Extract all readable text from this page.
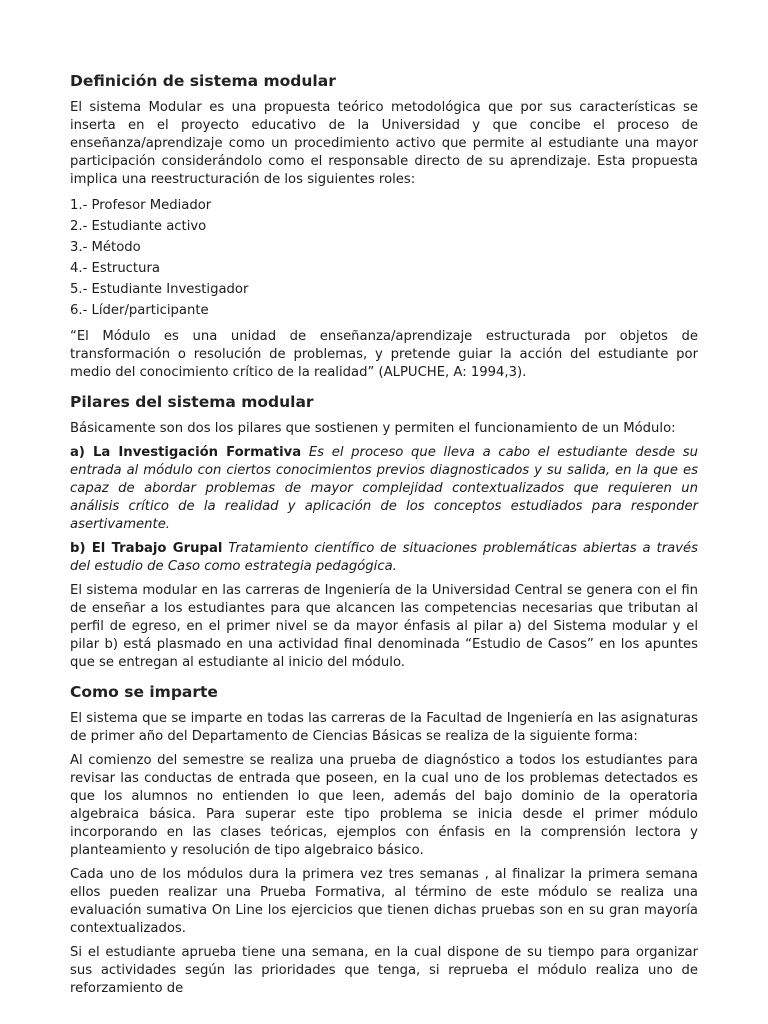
Definición de sistema modular

El sistema Modular es una propuesta teórico metodológica que por sus características se inserta en el proyecto educativo de la Universidad y que concibe el proceso de enseñanza/aprendizaje como un procedimiento activo que permite al estudiante una mayor participación considerándolo como el responsable directo de su aprendizaje. Esta propuesta implica una reestructuración de los siguientes roles:

1.- Profesor Mediador
2.- Estudiante activo
3.- Método
4.- Estructura
5.- Estudiante Investigador
6.- Líder/participante

“El Módulo es una unidad de enseñanza/aprendizaje estructurada por objetos de transformación o resolución de problemas, y pretende guiar la acción del estudiante por medio del conocimiento crítico de la realidad” (ALPUCHE, A: 1994,3).

Pilares del sistema modular

Básicamente son dos los pilares que sostienen y permiten el funcionamiento de un Módulo:

a) La Investigación Formativa Es el proceso que lleva a cabo el estudiante desde su entrada al módulo con ciertos conocimientos previos diagnosticados y su salida, en la que es capaz de abordar problemas de mayor complejidad contextualizados que requieren un análisis crítico de la realidad y aplicación de los conceptos estudiados para responder asertivamente.

b) El Trabajo Grupal Tratamiento científico de situaciones problemáticas abiertas a través del estudio de Caso como estrategia pedagógica.

El sistema modular en las carreras de Ingeniería de la Universidad Central se genera con el fin de enseñar a los estudiantes para que alcancen las competencias necesarias que tributan al perfil de egreso, en el primer nivel se da mayor énfasis al pilar a) del Sistema modular y el pilar b) está plasmado en una actividad final denominada “Estudio de Casos” en los apuntes que se entregan al estudiante al inicio del módulo.

Como se imparte

El sistema que se imparte en todas las carreras de la Facultad de Ingeniería en las asignaturas de primer año del Departamento de Ciencias Básicas se realiza de la siguiente forma:

Al comienzo del semestre se realiza una prueba de diagnóstico a todos los estudiantes para revisar las conductas de entrada que poseen, en la cual uno de los problemas detectados es que los alumnos no entienden lo que leen, además del bajo dominio de la operatoria algebraica básica. Para superar este tipo problema se inicia desde el primer módulo incorporando en las clases teóricas, ejemplos con énfasis en la comprensión lectora y planteamiento y resolución de tipo algebraico básico.

Cada uno de los módulos dura la primera vez tres semanas , al finalizar la primera semana ellos pueden realizar una Prueba Formativa, al término de este módulo se realiza una evaluación sumativa On Line los ejercicios que tienen dichas pruebas son en su gran mayoría contextualizados.

Si el estudiante aprueba tiene una semana, en la cual dispone de su tiempo para organizar sus actividades según las prioridades que tenga, si reprueba el módulo realiza uno de reforzamiento de
